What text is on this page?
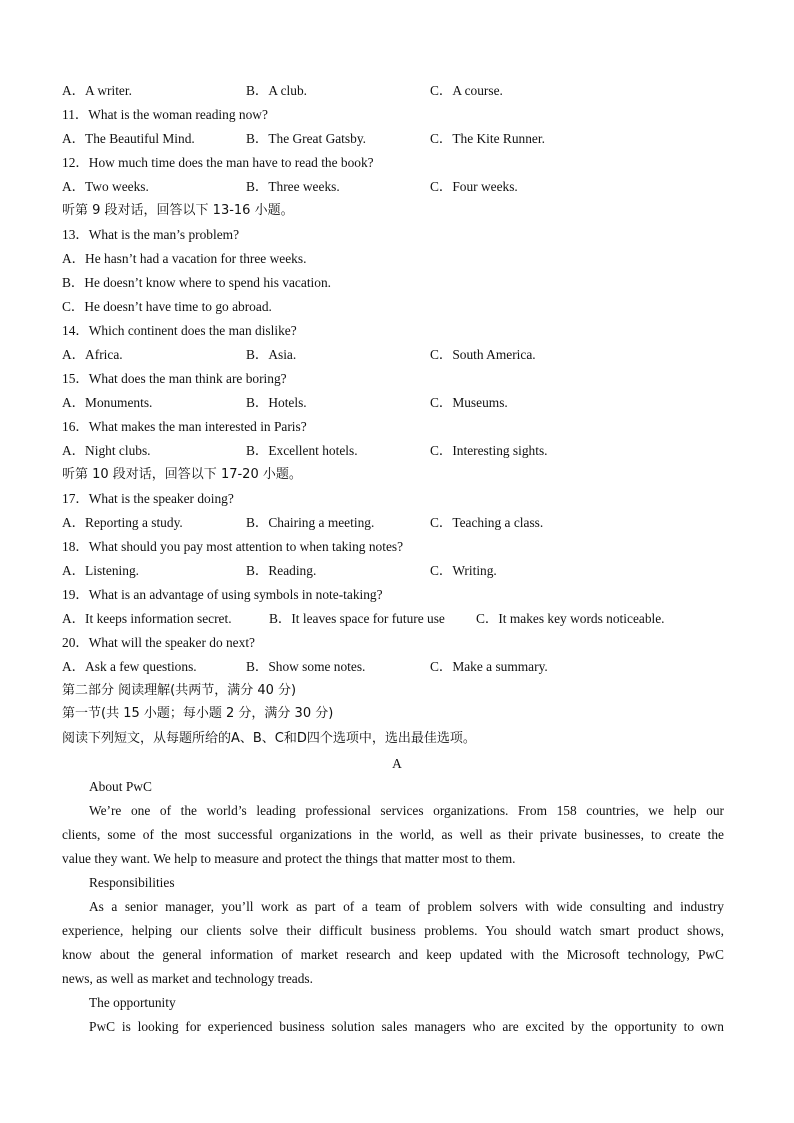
A．A writer.	B．A club.	C．A course.
11．What is the woman reading now?
A．The Beautiful Mind.	B．The Great Gatsby.	C．The Kite Runner.
12．How much time does the man have to read the book?
A．Two weeks.	B．Three weeks.	C．Four weeks.
听第 9 段对话，回答以下 13-16 小题。
13．What is the man’s problem?
A．He hasn’t had a vacation for three weeks.
B．He doesn’t know where to spend his vacation.
C．He doesn’t have time to go abroad.
14．Which continent does the man dislike?
A．Africa.	B．Asia.	C．South America.
15．What does the man think are boring?
A．Monuments.	B．Hotels.	C．Museums.
16．What makes the man interested in Paris?
A．Night clubs.	B．Excellent hotels.	C．Interesting sights.
听第 10 段对话，回答以下 17-20 小题。
17．What is the speaker doing?
A．Reporting a study.	B．Chairing a meeting.	C．Teaching a class.
18．What should you pay most attention to when taking notes?
A．Listening.	B．Reading.	C．Writing.
19．What is an advantage of using symbols in note-taking?
A．It keeps information secret.	B．It leaves space for future use C．It makes key words noticeable.
20．What will the speaker do next?
A．Ask a few questions.	B．Show some notes.	C．Make a summary.
第二部分 阅读理解(共两节，满分 40 分)
第一节(共 15 小题；每小题 2 分，满分 30 分)
阅读下列短文，从每题所给的A、B、C和D四个选项中，选出最佳选项。
A
About PwC
We’re one of the world’s leading professional services organizations. From 158 countries, we help our
clients, some of the most successful organizations in the world, as well as their private businesses, to create the
value they want. We help to measure and protect the things that matter most to them.
Responsibilities
As a senior manager, you’ll work as part of a team of problem solvers with wide consulting and industry
experience, helping our clients solve their difficult business problems. You should watch smart product shows,
know about the general information of market research and keep updated with the Microsoft technology, PwC
news, as well as market and technology treads.
The opportunity
PwC is looking for experienced business solution sales managers who are excited by the opportunity to own
